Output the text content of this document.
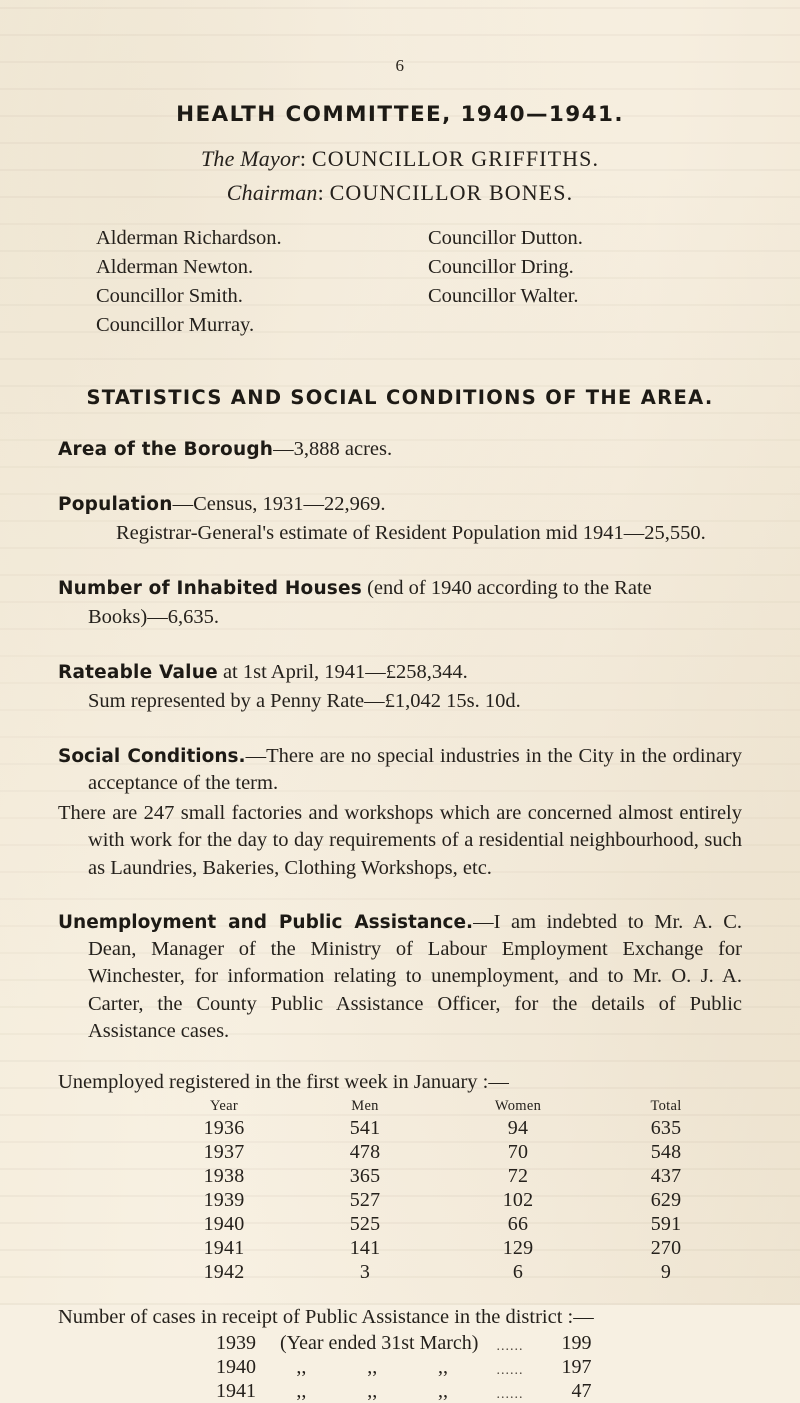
6
HEALTH COMMITTEE, 1940—1941.
The Mayor: COUNCILLOR GRIFFITHS.
Chairman: COUNCILLOR BONES.
Alderman Richardson.
Alderman Newton.
Councillor Smith.
Councillor Murray.
Councillor Dutton.
Councillor Dring.
Councillor Walter.
STATISTICS AND SOCIAL CONDITIONS OF THE AREA.
Area of the Borough—3,888 acres.
Population—Census, 1931—22,969.
Registrar-General's estimate of Resident Population mid 1941—25,550.
Number of Inhabited Houses (end of 1940 according to the Rate
Books)—6,635.
Rateable Value at 1st April, 1941—£258,344.
Sum represented by a Penny Rate—£1,042 15s. 10d.

Social Conditions.—There are no special industries in the City in the ordinary acceptance of the term.

There are 247 small factories and workshops which are concerned almost entirely with work for the day to day requirements of a residential neighbourhood, such as Laundries, Bakeries, Clothing Workshops, etc.

Unemployment and Public Assistance.—I am indebted to Mr. A. C. Dean, Manager of the Ministry of Labour Employment Exchange for Winchester, for information relating to unemployment, and to Mr. O. J. A. Carter, the County Public Assistance Officer, for the details of Public Assistance cases.

Unemployed registered in the first week in January :—
Year	Men	Women	Total
1936	541	94	635
1937	478	70	548
1938	365	72	437
1939	527	102	629
1940	525	66	591
1941	141	129	270
1942	3	6	9
Number of cases in receipt of Public Assistance in the district :—
1939	(Year ended 31st March)			......	199
1940	,,	,,	,,	......	197
1941	,,	,,	,,	......	47
